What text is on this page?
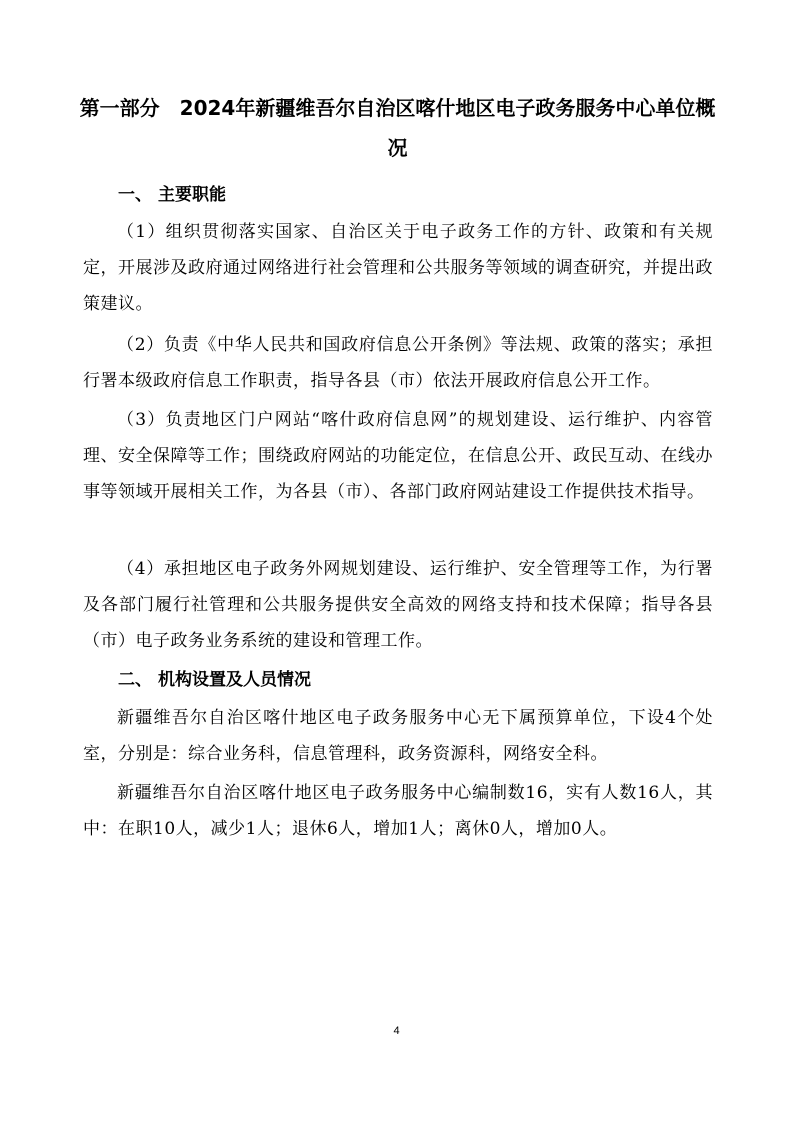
第一部分　2024年新疆维吾尔自治区喀什地区电子政务服务中心单位概况
一、 主要职能

（1）组织贯彻落实国家、自治区关于电子政务工作的方针、政策和有关规定，开展涉及政府通过网络进行社会管理和公共服务等领域的调查研究，并提出政策建议。

（2）负责《中华人民共和国政府信息公开条例》等法规、政策的落实；承担行署本级政府信息工作职责，指导各县（市）依法开展政府信息公开工作。

（3）负责地区门户网站“喀什政府信息网”的规划建设、运行维护、内容管理、安全保障等工作；围绕政府网站的功能定位，在信息公开、政民互动、在线办事等领域开展相关工作，为各县（市）、各部门政府网站建设工作提供技术指导。

（4）承担地区电子政务外网规划建设、运行维护、安全管理等工作，为行署及各部门履行社管理和公共服务提供安全高效的网络支持和技术保障；指导各县（市）电子政务业务系统的建设和管理工作。

二、 机构设置及人员情况

新疆维吾尔自治区喀什地区电子政务服务中心无下属预算单位，下设4个处室，分别是：综合业务科，信息管理科，政务资源科，网络安全科。

新疆维吾尔自治区喀什地区电子政务服务中心编制数16，实有人数16人，其中：在职10人，减少1人；退休6人，增加1人；离休0人，增加0人。

4
